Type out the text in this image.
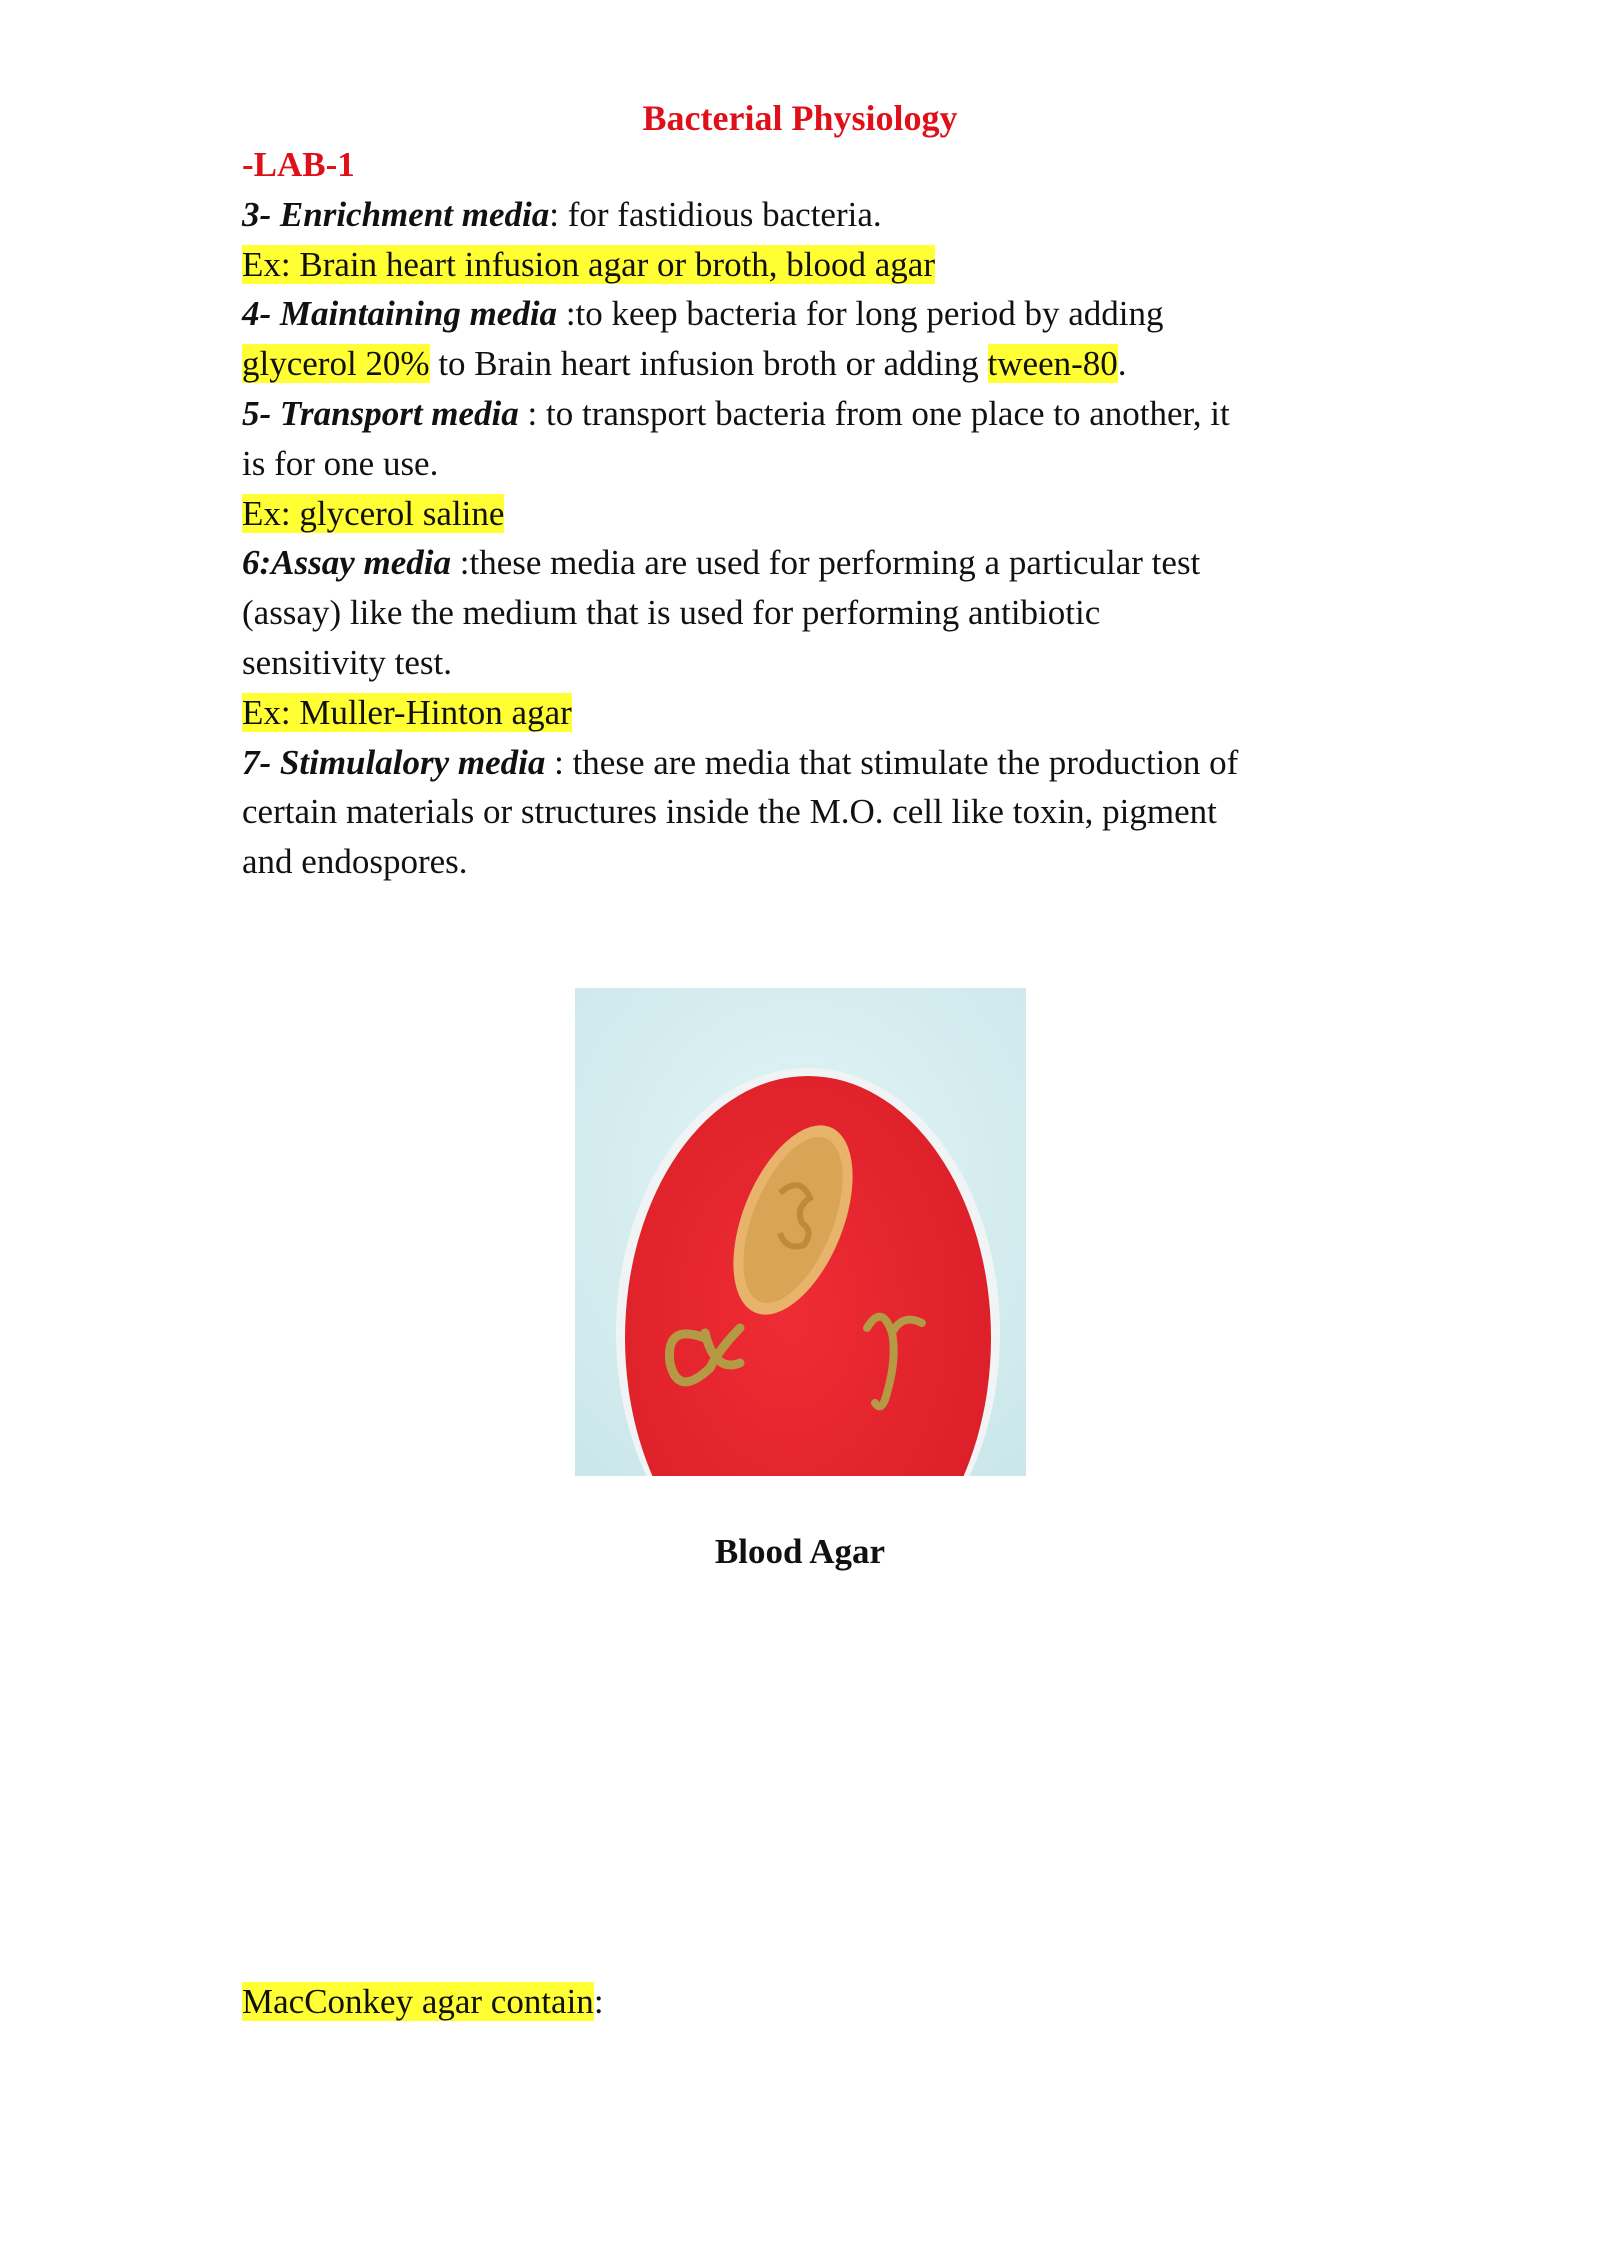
Bacterial Physiology
-LAB-1
3- Enrichment media: for fastidious bacteria.
Ex: Brain heart infusion agar or broth, blood agar
4- Maintaining media :to keep bacteria for long period by adding
glycerol 20% to Brain heart infusion broth or adding tween-80.
5- Transport media : to transport bacteria from one place to another, it
is for one use.
Ex: glycerol saline
6:Assay media :these media are used for performing a particular test
(assay) like the medium that is used for performing antibiotic
sensitivity test.
Ex: Muller-Hinton agar
7- Stimulalory media : these are media that stimulate the production of
certain materials or structures inside the M.O. cell like toxin, pigment
and endospores.
Blood Agar
MacConkey agar contain:
